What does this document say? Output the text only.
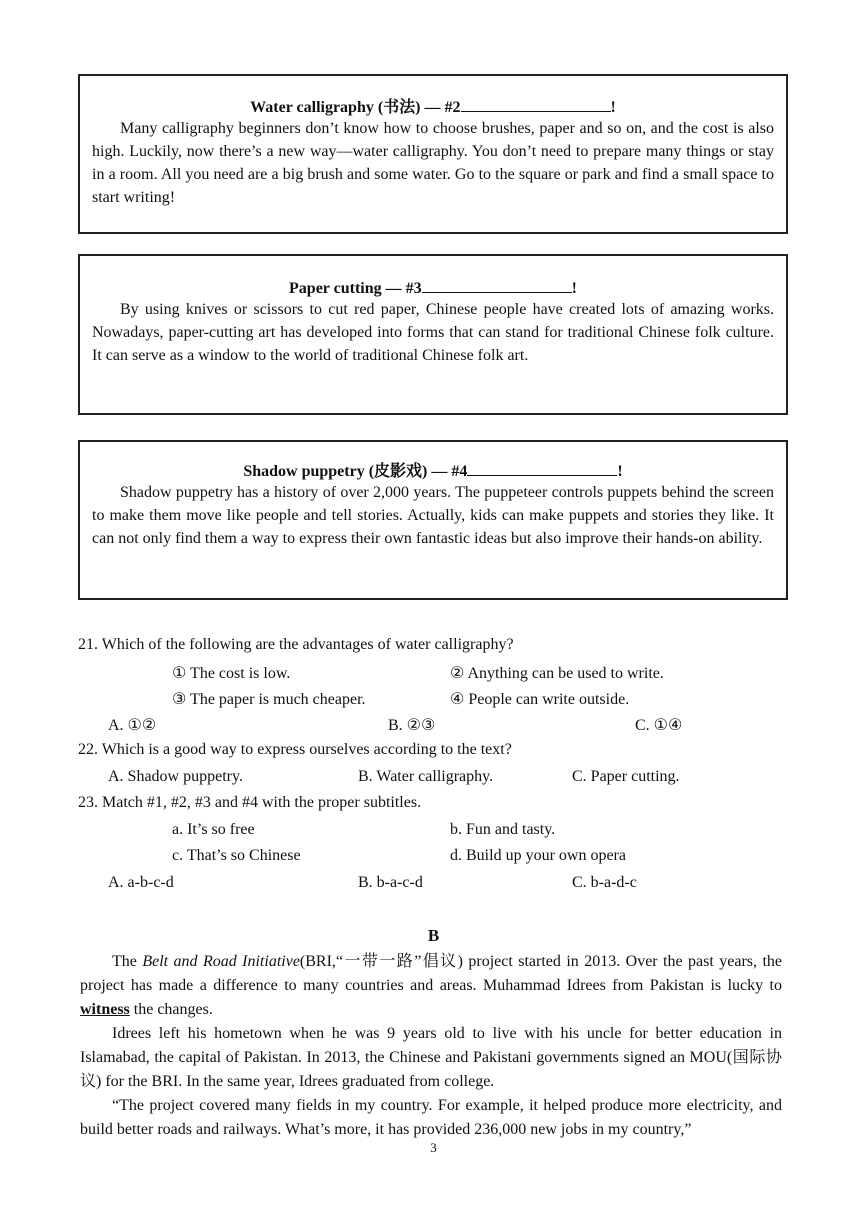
Water calligraphy (书法) — #2	!

Many calligraphy beginners don’t know how to choose brushes, paper and so on, and the cost is also high. Luckily, now there’s a new way—water calligraphy. You don’t need to prepare many things or stay in a room. All you need are a big brush and some water. Go to the square or park and find a small space to start writing!

Paper cutting — #3	!

By using knives or scissors to cut red paper, Chinese people have created lots of amazing works. Nowadays, paper-cutting art has developed into forms that can stand for traditional Chinese folk culture. It can serve as a window to the world of traditional Chinese folk art.

Shadow puppetry (皮影戏) — #4	!

Shadow puppetry has a history of over 2,000 years. The puppeteer controls puppets behind the screen to make them move like people and tell stories. Actually, kids can make puppets and stories they like. It can not only find them a way to express their own fantastic ideas but also improve their hands-on ability.

21. Which of the following are the advantages of water calligraphy?
① The cost is low.	② Anything can be used to write.
③ The paper is much cheaper.	④ People can write outside.
A. ①②	B. ②③	C. ①④
22. Which is a good way to express ourselves according to the text?
A. Shadow puppetry.	B. Water calligraphy.	C. Paper cutting.
23. Match #1, #2, #3 and #4 with the proper subtitles.
a. It’s so free	b. Fun and tasty.
c. That’s so Chinese	d. Build up your own opera
A. a-b-c-d	B. b-a-c-d	C. b-a-d-c
B

The Belt and Road Initiative(BRI,“一带一路”倡议) project started in 2013. Over the past years, the project has made a difference to many countries and areas. Muhammad Idrees from Pakistan is lucky to witness the changes.

Idrees left his hometown when he was 9 years old to live with his uncle for better education in Islamabad, the capital of Pakistan. In 2013, the Chinese and Pakistani governments signed an MOU(国际协议) for the BRI. In the same year, Idrees graduated from college.

“The project covered many fields in my country. For example, it helped produce more electricity, and build better roads and railways. What’s more, it has provided 236,000 new jobs in my country,”

3
